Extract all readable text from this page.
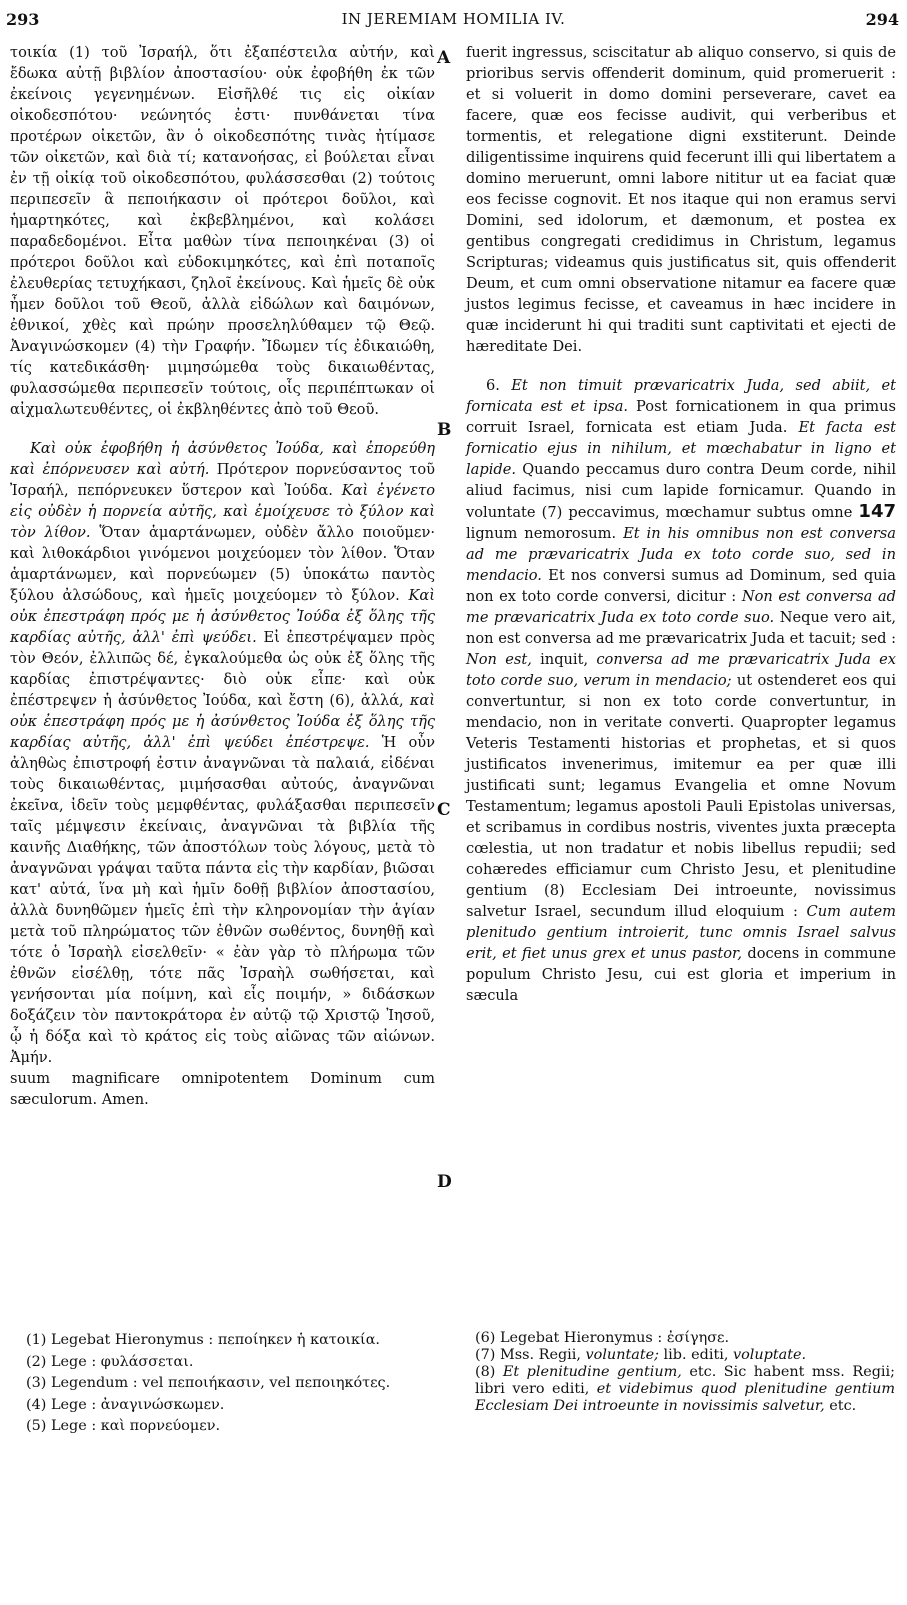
293	IN JEREMIAM HOMILIA IV.	294
A
B
C
D

τοικία (1) τοῦ Ἰσραήλ, ὅτι ἐξαπέστειλα αὐτήν, καὶ ἔδωκα αὐτῇ βιβλίον ἀποστασίου· οὐκ ἐφοβήθη ἐκ τῶν ἐκείνοις γεγενημένων. Εἰσῆλθέ τις εἰς οἰκίαν οἰκοδεσπότου· νεώνητός ἐστι· πυνθάνεται τίνα προτέρων οἰκετῶν, ἂν ὁ οἰκοδεσπότης τινὰς ἠτίμασε τῶν οἰκετῶν, καὶ διὰ τί; κατανοήσας, εἰ βούλεται εἶναι ἐν τῇ οἰκίᾳ τοῦ οἰκοδεσπότου, φυλάσσεσθαι (2) τούτοις περιπεσεῖν ἃ πεποιήκασιν οἱ πρότεροι δοῦλοι, καὶ ἡμαρτηκότες, καὶ ἐκβεβλημένοι, καὶ κολάσει παραδεδομένοι. Εἶτα μαθὼν τίνα πεποιηκέναι (3) οἱ πρότεροι δοῦλοι καὶ εὐδοκιμηκότες, καὶ ἐπὶ ποταποῖς ἐλευθερίας τετυχήκασι, ζηλοῖ ἐκείνους. Καὶ ἡμεῖς δὲ οὐκ ἦμεν δοῦλοι τοῦ Θεοῦ, ἀλλὰ εἰδώλων καὶ δαιμόνων, ἐθνικοί, χθὲς καὶ πρώην προσεληλύθαμεν τῷ Θεῷ. Ἀναγινώσκομεν (4) τὴν Γραφήν. Ἴδωμεν τίς ἐδικαιώθη, τίς κατεδικάσθη· μιμησώμεθα τοὺς δικαιωθέντας, φυλασσώμεθα περιπεσεῖν τούτοις, οἷς περιπέπτωκαν οἱ αἰχμαλωτευθέντες, οἱ ἐκβληθέντες ἀπὸ τοῦ Θεοῦ.

Καὶ οὐκ ἐφοβήθη ἡ ἀσύνθετος Ἰούδα, καὶ ἐπορεύθη καὶ ἐπόρνευσεν καὶ αὐτή. Πρότερον πορνεύσαντος τοῦ Ἰσραήλ, πεπόρνευκεν ὕστερον καὶ Ἰούδα. Καὶ ἐγένετο εἰς οὐδὲν ἡ πορνεία αὐτῆς, καὶ ἐμοίχευσε τὸ ξύλον καὶ τὸν λίθον. Ὅταν ἁμαρτάνωμεν, οὐδὲν ἄλλο ποιοῦμεν· καὶ λιθοκάρδιοι γινόμενοι μοιχεύομεν τὸν λίθον. Ὅταν ἁμαρτάνωμεν, καὶ πορνεύωμεν (5) ὑποκάτω παντὸς ξύλου ἀλσώδους, καὶ ἡμεῖς μοιχεύομεν τὸ ξύλον. Καὶ οὐκ ἐπεστράφη πρός με ἡ ἀσύνθετος Ἰούδα ἐξ ὅλης τῆς καρδίας αὐτῆς, ἀλλ' ἐπὶ ψεύδει. Εἰ ἐπεστρέψαμεν πρὸς τὸν Θεόν, ἐλλιπῶς δέ, ἐγκαλούμεθα ὡς οὐκ ἐξ ὅλης τῆς καρδίας ἐπιστρέψαντες· διὸ οὐκ εἶπε· καὶ οὐκ ἐπέστρεψεν ἡ ἀσύνθετος Ἰούδα, καὶ ἔστη (6), ἀλλά, καὶ οὐκ ἐπεστράφη πρός με ἡ ἀσύνθετος Ἰούδα ἐξ ὅλης τῆς καρδίας αὐτῆς, ἀλλ' ἐπὶ ψεύδει ἐπέστρεψε. Ἡ οὖν ἀληθὼς ἐπιστροφή ἐστιν ἀναγνῶναι τὰ παλαιά, εἰδέναι τοὺς δικαιωθέντας, μιμήσασθαι αὐτούς, ἀναγνῶναι ἐκεῖνα, ἰδεῖν τοὺς μεμφθέντας, φυλάξασθαι περιπεσεῖν ταῖς μέμψεσιν ἐκείναις, ἀναγνῶναι τὰ βιβλία τῆς καινῆς Διαθήκης, τῶν ἀποστόλων τοὺς λόγους, μετὰ τὸ ἀναγνῶναι γράψαι ταῦτα πάντα εἰς τὴν καρδίαν, βιῶσαι κατ' αὐτά, ἵνα μὴ καὶ ἡμῖν δοθῇ βιβλίον ἀποστασίου, ἀλλὰ δυνηθῶμεν ἡμεῖς ἐπὶ τὴν κληρονομίαν τὴν ἁγίαν μετὰ τοῦ πληρώματος τῶν ἐθνῶν σωθέντος, δυνηθῇ καὶ τότε ὁ Ἰσραὴλ εἰσελθεῖν· « ἐὰν γὰρ τὸ πλήρωμα τῶν ἐθνῶν εἰσέλθῃ, τότε πᾶς Ἰσραὴλ σωθήσεται, καὶ γενήσονται μία ποίμνη, καὶ εἷς ποιμήν, » διδάσκων δοξάζειν τὸν παντοκράτορα ἐν αὐτῷ τῷ Χριστῷ Ἰησοῦ, ᾧ ἡ δόξα καὶ τὸ κράτος εἰς τοὺς αἰῶνας τῶν αἰώνων. Ἀμήν.

suum magnificare omnipotentem Dominum cum sæculorum. Amen.

fuerit ingressus, sciscitatur ab aliquo conservo, si quis de prioribus servis offenderit dominum, quid promeruerit : et si voluerit in domo domini perseverare, cavet ea facere, quæ eos fecisse audivit, qui verberibus et tormentis, et relegatione digni exstiterunt. Deinde diligentissime inquirens quid fecerunt illi qui libertatem a domino meruerunt, omni labore nititur ut ea faciat quæ eos fecisse cognovit. Et nos itaque qui non eramus servi Domini, sed idolorum, et dæmonum, et postea ex gentibus congregati credidimus in Christum, legamus Scripturas; videamus quis justificatus sit, quis offenderit Deum, et cum omni observatione nitamur ea facere quæ justos legimus fecisse, et caveamus in hæc incidere in quæ inciderunt hi qui traditi sunt captivitati et ejecti de hæreditate Dei.

6. Et non timuit prævaricatrix Juda, sed abiit, et fornicata est et ipsa. Post fornicationem in qua primus corruit Israel, fornicata est etiam Juda. Et facta est fornicatio ejus in nihilum, et mœchabatur in ligno et lapide. Quando peccamus duro contra Deum corde, nihil aliud facimus, nisi cum lapide fornicamur. Quando in voluntate (7) peccavimus, mœchamur subtus omne 147 lignum nemorosum. Et in his omnibus non est conversa ad me prævaricatrix Juda ex toto corde suo, sed in mendacio. Et nos conversi sumus ad Dominum, sed quia non ex toto corde conversi, dicitur : Non est conversa ad me prævaricatrix Juda ex toto corde suo. Neque vero ait, non est conversa ad me prævaricatrix Juda et tacuit; sed : Non est, inquit, conversa ad me prævaricatrix Juda ex toto corde suo, verum in mendacio; ut ostenderet eos qui convertuntur, si non ex toto corde convertuntur, in mendacio, non in veritate converti. Quapropter legamus Veteris Testamenti historias et prophetas, et si quos justificatos invenerimus, imitemur ea per quæ illi justificati sunt; legamus Evangelia et omne Novum Testamentum; legamus apostoli Pauli Epistolas universas, et scribamus in cordibus nostris, viventes juxta præcepta cœlestia, ut non tradatur et nobis libellus repudii; sed cohæredes efficiamur cum Christo Jesu, et plenitudine gentium (8) Ecclesiam Dei introeunte, novissimus salvetur Israel, secundum illud eloquium : Cum autem plenitudo gentium introierit, tunc omnis Israel salvus erit, et fiet unus grex et unus pastor, docens in commune populum Christo Jesu, cui est gloria et imperium in sæcula

(1) Legebat Hieronymus : πεποίηκεν ἡ κατοικία.

(2) Lege : φυλάσσεται.

(3) Legendum : vel πεποιήκασιν, vel πεποιηκότες.

(4) Lege : ἀναγινώσκωμεν.

(5) Lege : καὶ πορνεύομεν.

(6) Legebat Hieronymus : ἐσίγησε.

(7) Mss. Regii, voluntate; lib. editi, voluptate.

(8) Et plenitudine gentium, etc. Sic habent mss. Regii; libri vero editi, et videbimus quod plenitudine gentium Ecclesiam Dei introeunte in novissimis salvetur, etc.
